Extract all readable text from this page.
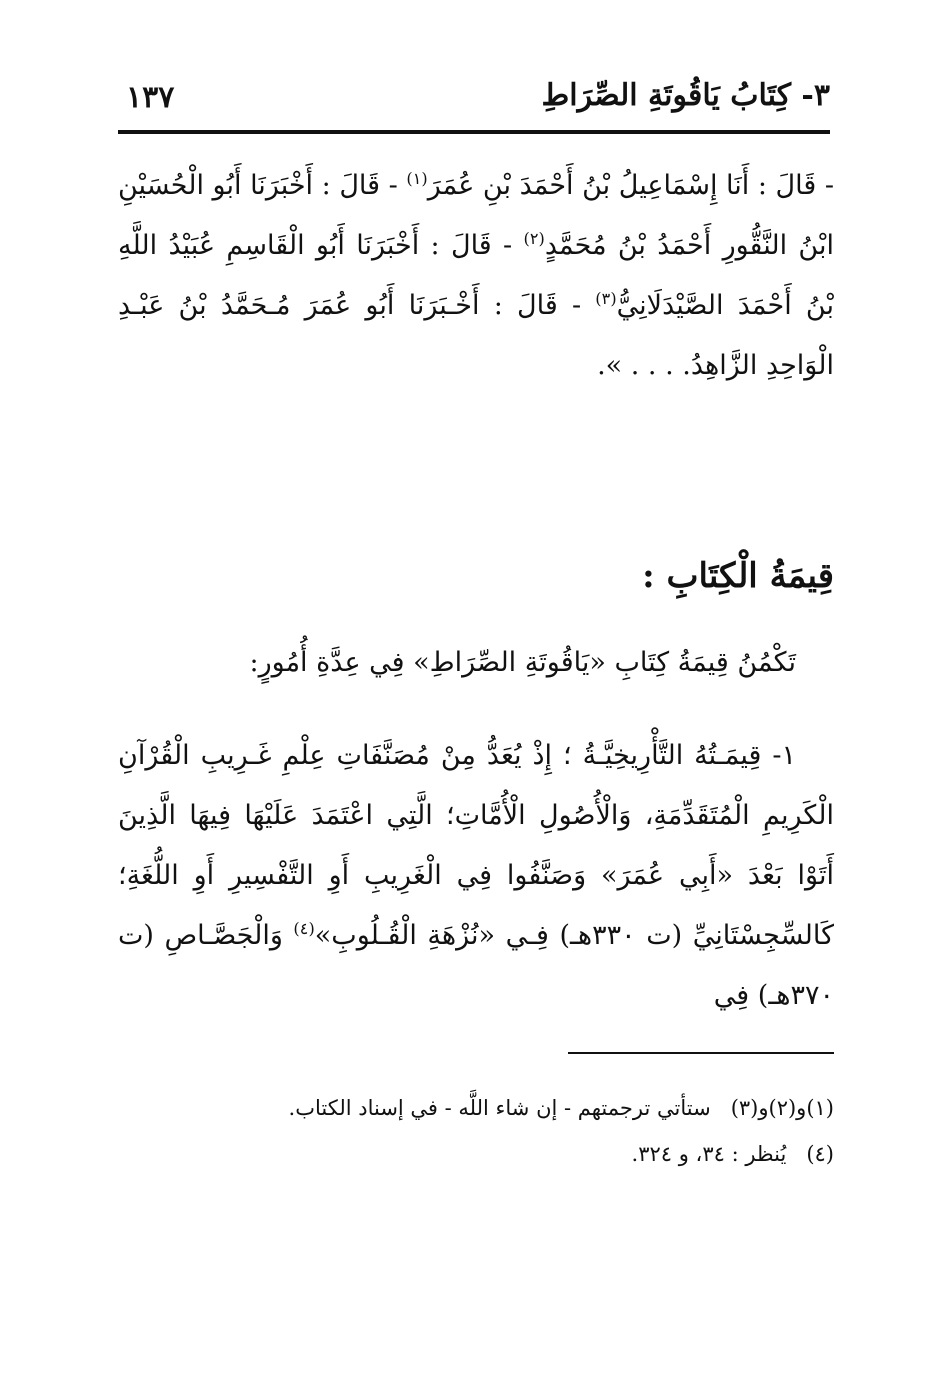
٣- كِتَابُ يَاقُوتَةِ الصِّرَاطِ
١٣٧
- قَالَ : أَنَا إِسْمَاعِيلُ بْنُ أَحْمَدَ بْنِ عُمَرَ$^{(١)}$ - قَالَ : أَخْبَرَنَا أَبُو الْحُسَيْنِ ابْنُ النَّقُّورِ أَحْمَدُ بْنُ مُحَمَّدٍ$^{(٢)}$ - قَالَ : أَخْبَرَنَا أَبُو الْقَاسِمِ عُبَيْدُ اللَّهِ بْنُ أَحْمَدَ الصَّيْدَلَانِيُّ$^{(٣)}$ - قَالَ : أَخْـبَرَنَا أَبُو عُمَرَ مُـحَمَّدُ بْنُ عَبْـدِ الْوَاحِدِ الزَّاهِدُ. . . . ».
قِيمَةُ الْكِتَابِ :
تَكْمُنُ قِيمَةُ كِتَابِ «يَاقُوتَةِ الصِّرَاطِ» فِي عِدَّةِ أُمُورٍ:
١- قِيمَـتُهُ التَّأْرِيخِيَّـةُ ؛ إِذْ يُعَدُّ مِنْ مُصَنَّفَاتِ عِلْمِ غَـرِيبِ الْقُرْآنِ الْكَرِيمِ الْمُتَقَدِّمَةِ، وَالْأُصُولِ الْأُمَّاتِ؛ الَّتِي اعْتَمَدَ عَلَيْهَا فِيهَا الَّذِينَ أَتَوْا بَعْدَ «أَبِي عُمَرَ» وَصَنَّفُوا فِي الْغَرِيبِ أَوِ التَّفْسِيرِ أَوِ اللُّغَةِ؛ كَالسِّجِسْتَانِيِّ (ت ٣٣٠هـ) فِـي «نُزْهَةِ الْقُـلُوبِ»$^{(٤)}$ وَالْجَصَّـاصِ (ت ٣٧٠هـ) فِي
(١)و(٢)و(٣)ستأتي ترجمتهم - إن شاء اللَّه - في إسناد الكتاب.
(٤)يُنظر : ٣٤، و ٣٢٤.
